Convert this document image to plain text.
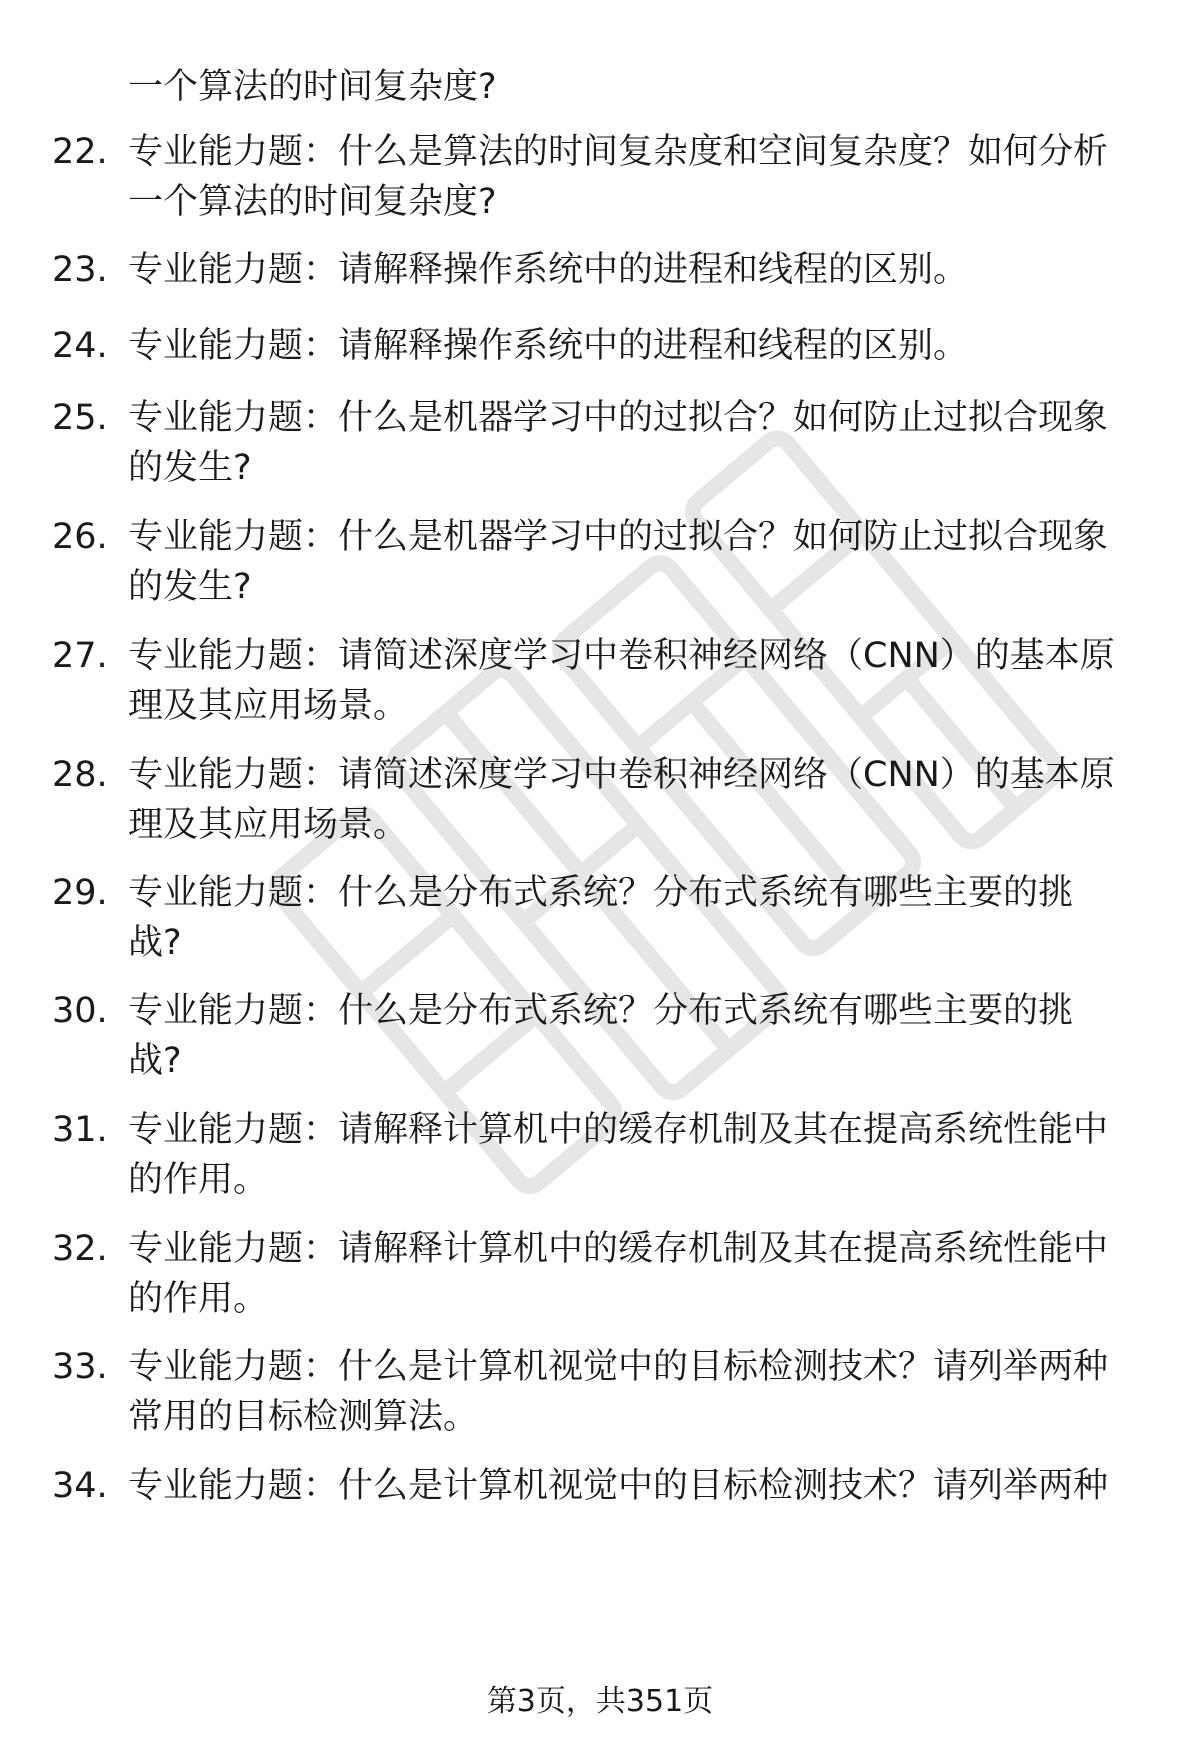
一个算法的时间复杂度?
22. 专业能力题：什么是算法的时间复杂度和空间复杂度？如何分析
一个算法的时间复杂度?
23. 专业能力题：请解释操作系统中的进程和线程的区别。
24. 专业能力题：请解释操作系统中的进程和线程的区别。
25. 专业能力题：什么是机器学习中的过拟合？如何防止过拟合现象
的发生?
26. 专业能力题：什么是机器学习中的过拟合？如何防止过拟合现象
的发生?
27. 专业能力题：请简述深度学习中卷积神经网络（CNN）的基本原
理及其应用场景。
28. 专业能力题：请简述深度学习中卷积神经网络（CNN）的基本原
理及其应用场景。
29. 专业能力题：什么是分布式系统？分布式系统有哪些主要的挑
战?
30. 专业能力题：什么是分布式系统？分布式系统有哪些主要的挑
战?
31. 专业能力题：请解释计算机中的缓存机制及其在提高系统性能中
的作用。
32. 专业能力题：请解释计算机中的缓存机制及其在提高系统性能中
的作用。
33. 专业能力题：什么是计算机视觉中的目标检测技术？请列举两种
常用的目标检测算法。
34. 专业能力题：什么是计算机视觉中的目标检测技术？请列举两种
第3页，共351页
